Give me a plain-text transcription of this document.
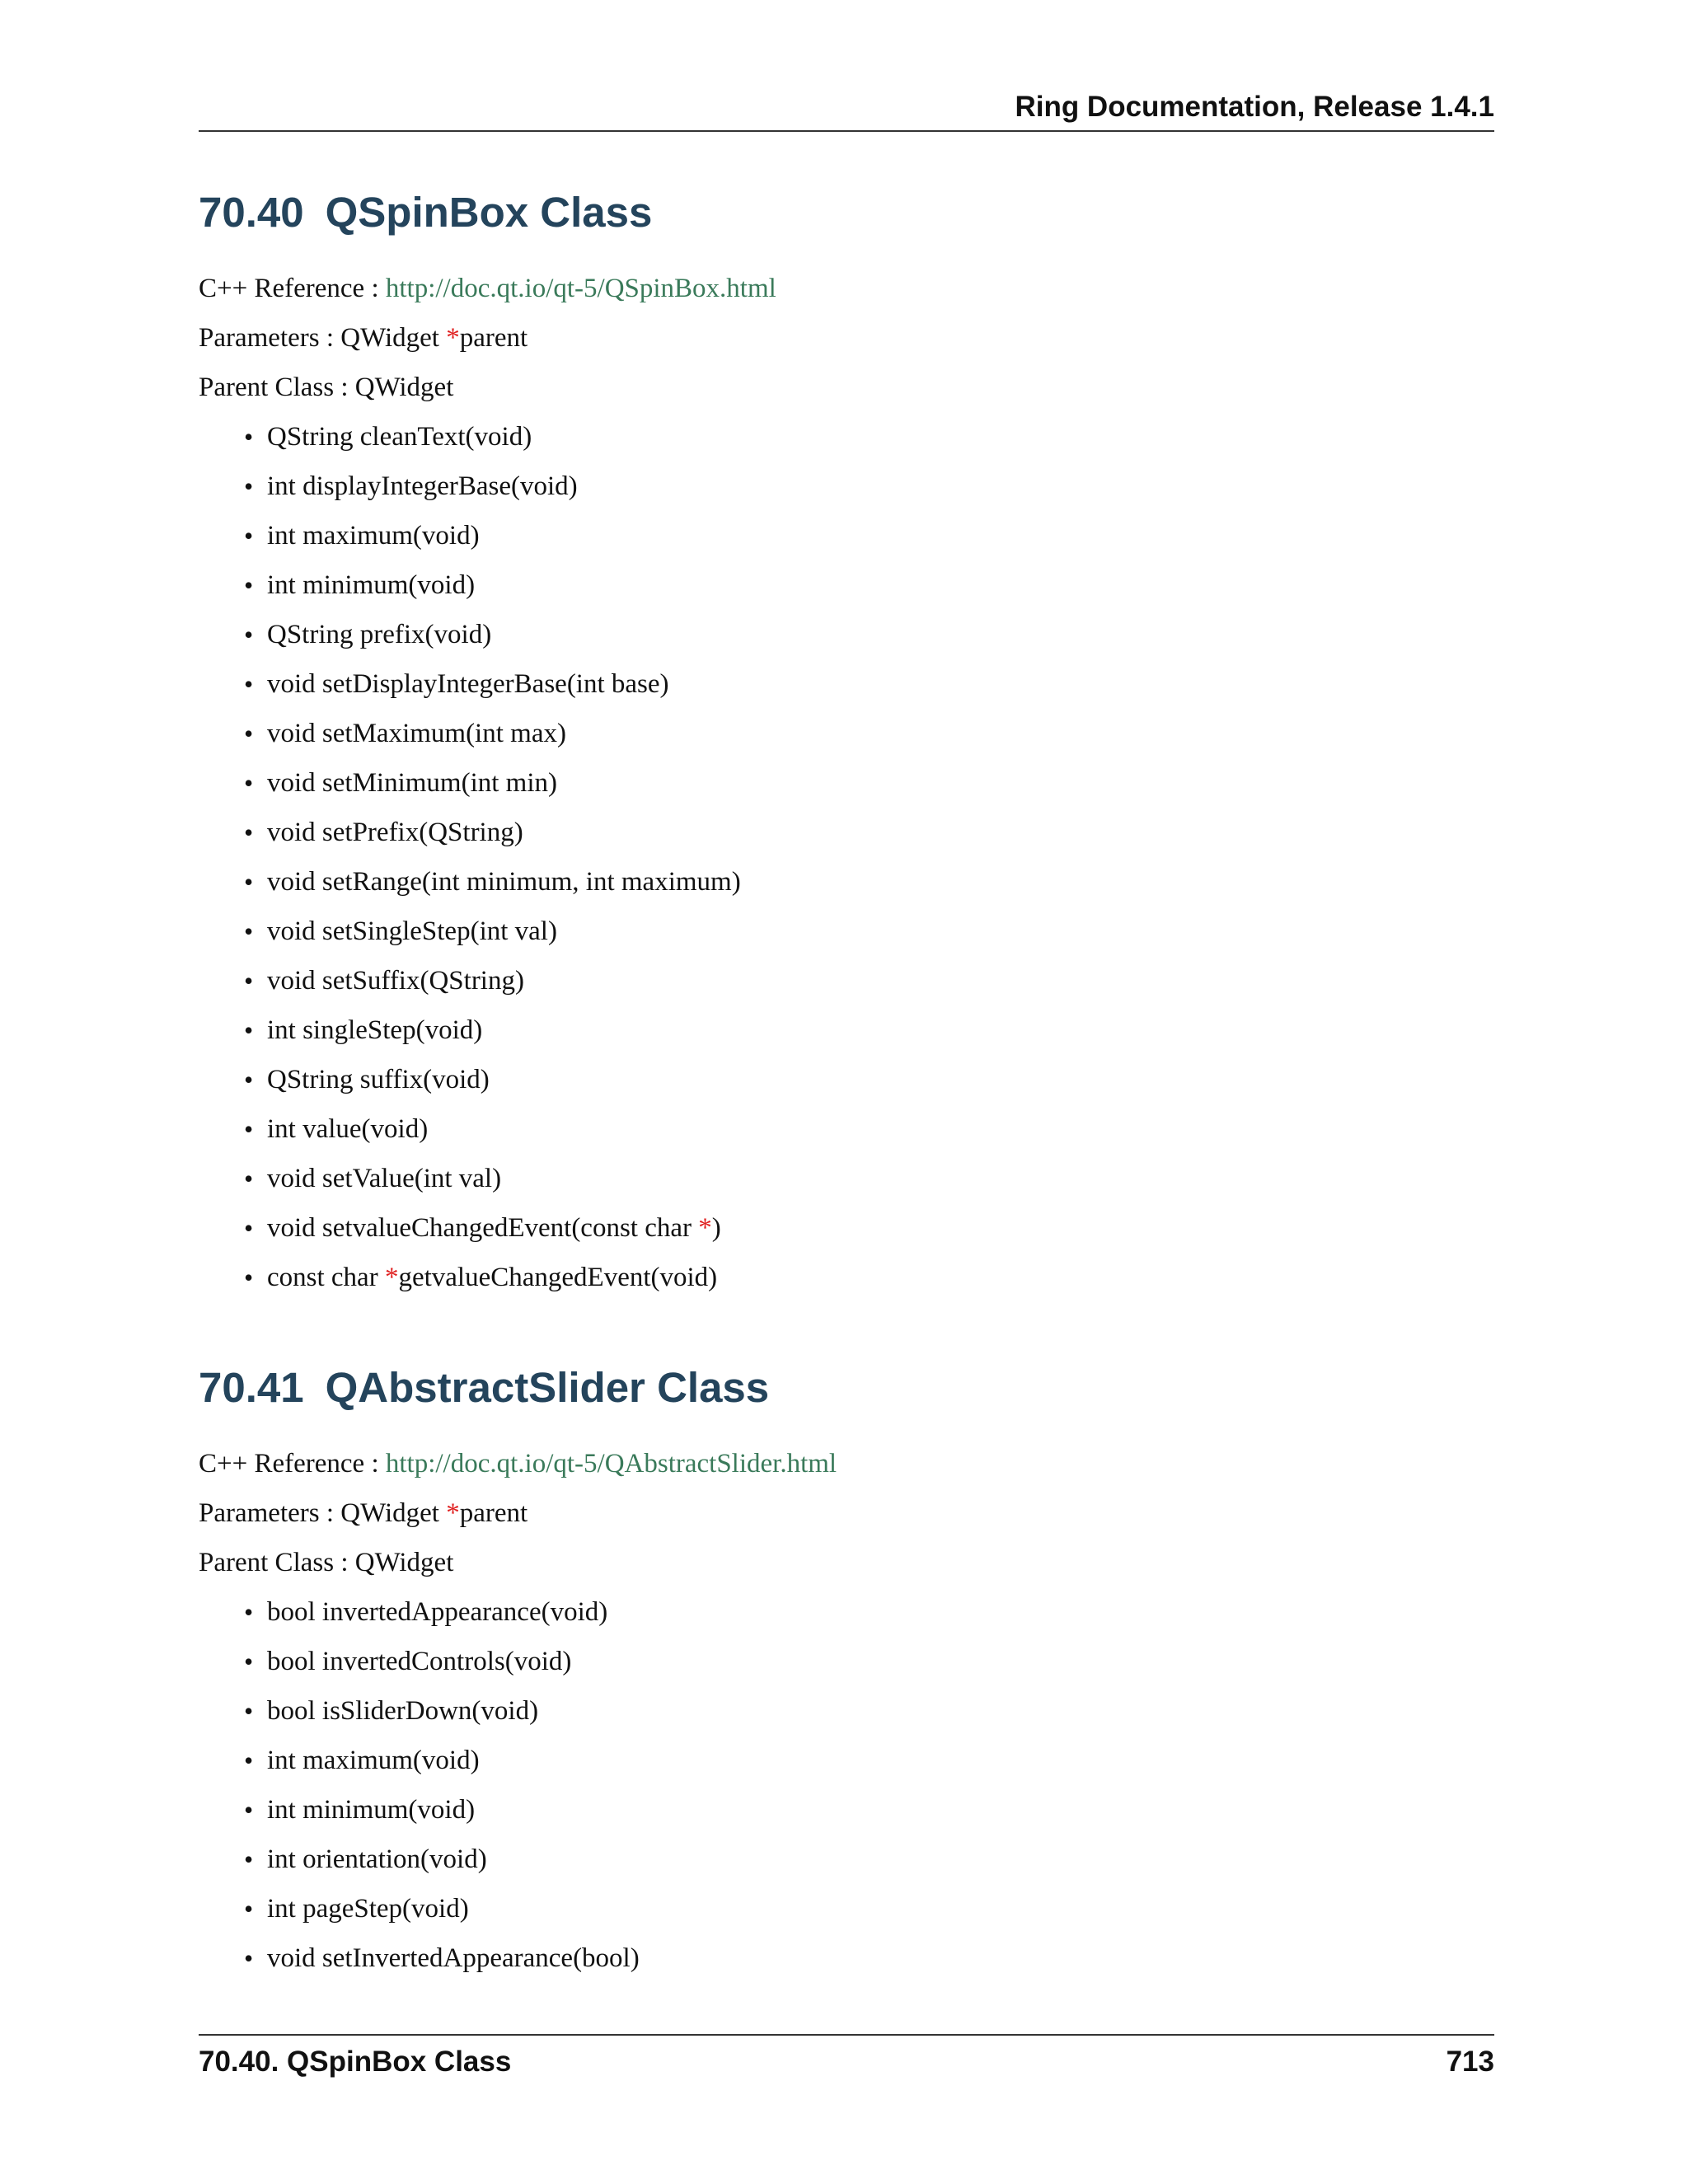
Ring Documentation, Release 1.4.1
70.40 QSpinBox Class
C++ Reference : http://doc.qt.io/qt-5/QSpinBox.html
Parameters : QWidget *parent
Parent Class : QWidget
• QString cleanText(void)
• int displayIntegerBase(void)
• int maximum(void)
• int minimum(void)
• QString prefix(void)
• void setDisplayIntegerBase(int base)
• void setMaximum(int max)
• void setMinimum(int min)
• void setPrefix(QString)
• void setRange(int minimum, int maximum)
• void setSingleStep(int val)
• void setSuffix(QString)
• int singleStep(void)
• QString suffix(void)
• int value(void)
• void setValue(int val)
• void setvalueChangedEvent(const char *)
• const char *getvalueChangedEvent(void)
70.41 QAbstractSlider Class
C++ Reference : http://doc.qt.io/qt-5/QAbstractSlider.html
Parameters : QWidget *parent
Parent Class : QWidget
• bool invertedAppearance(void)
• bool invertedControls(void)
• bool isSliderDown(void)
• int maximum(void)
• int minimum(void)
• int orientation(void)
• int pageStep(void)
• void setInvertedAppearance(bool)
70.40. QSpinBox Class	713
